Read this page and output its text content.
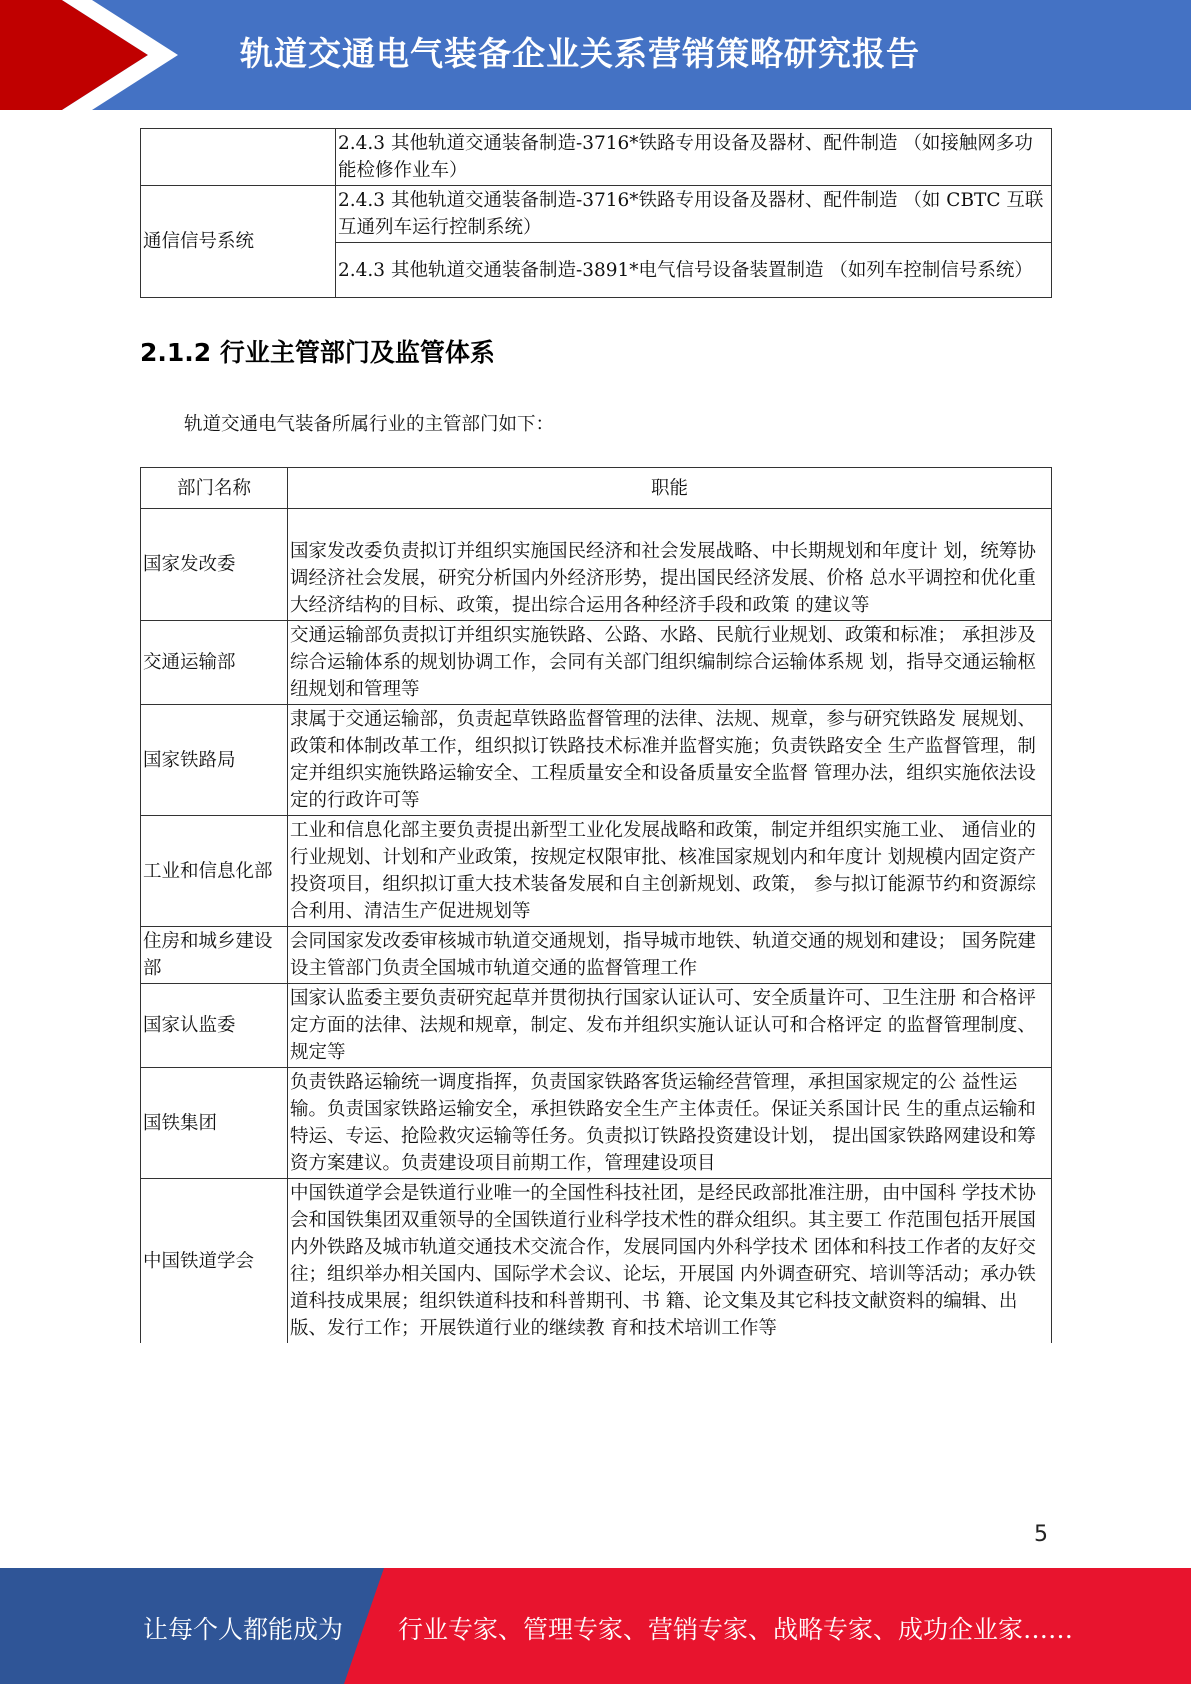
轨道交通电气装备企业关系营销策略研究报告
	2.4.3 其他轨道交通装备制造-3716*铁路专用设备及器材、配件制造 （如接触网多功能检修作业车）
通信信号系统	2.4.3 其他轨道交通装备制造-3716*铁路专用设备及器材、配件制造 （如 CBTC 互联互通列车运行控制系统）
	2.4.3 其他轨道交通装备制造-3891*电气信号设备装置制造 （如列车控制信号系统）
2.1.2 行业主管部门及监管体系
轨道交通电气装备所属行业的主管部门如下：
部门名称	职能
国家发改委	国家发改委负责拟订并组织实施国民经济和社会发展战略、中长期规划和年度计 划，统筹协调经济社会发展，研究分析国内外经济形势，提出国民经济发展、价格 总水平调控和优化重大经济结构的目标、政策，提出综合运用各种经济手段和政策 的建议等
交通运输部	交通运输部负责拟订并组织实施铁路、公路、水路、民航行业规划、政策和标准； 承担涉及综合运输体系的规划协调工作，会同有关部门组织编制综合运输体系规 划，指导交通运输枢纽规划和管理等
国家铁路局	隶属于交通运输部，负责起草铁路监督管理的法律、法规、规章，参与研究铁路发 展规划、政策和体制改革工作，组织拟订铁路技术标准并监督实施；负责铁路安全 生产监督管理，制定并组织实施铁路运输安全、工程质量安全和设备质量安全监督 管理办法，组织实施依法设定的行政许可等
工业和信息化部	工业和信息化部主要负责提出新型工业化发展战略和政策，制定并组织实施工业、 通信业的行业规划、计划和产业政策，按规定权限审批、核准国家规划内和年度计 划规模内固定资产投资项目，组织拟订重大技术装备发展和自主创新规划、政策， 参与拟订能源节约和资源综合利用、清洁生产促进规划等
住房和城乡建设部	会同国家发改委审核城市轨道交通规划，指导城市地铁、轨道交通的规划和建设； 国务院建设主管部门负责全国城市轨道交通的监督管理工作
国家认监委	国家认监委主要负责研究起草并贯彻执行国家认证认可、安全质量许可、卫生注册 和合格评定方面的法律、法规和规章，制定、发布并组织实施认证认可和合格评定 的监督管理制度、规定等
国铁集团	负责铁路运输统一调度指挥，负责国家铁路客货运输经营管理，承担国家规定的公 益性运输。负责国家铁路运输安全，承担铁路安全生产主体责任。保证关系国计民 生的重点运输和特运、专运、抢险救灾运输等任务。负责拟订铁路投资建设计划， 提出国家铁路网建设和筹资方案建议。负责建设项目前期工作，管理建设项目
中国铁道学会	中国铁道学会是铁道行业唯一的全国性科技社团，是经民政部批准注册，由中国科 学技术协会和国铁集团双重领导的全国铁道行业科学技术性的群众组织。其主要工 作范围包括开展国内外铁路及城市轨道交通技术交流合作，发展同国内外科学技术 团体和科技工作者的友好交往；组织举办相关国内、国际学术会议、论坛，开展国 内外调查研究、培训等活动；承办铁道科技成果展；组织铁道科技和科普期刊、书 籍、论文集及其它科技文献资料的编辑、出版、发行工作；开展铁道行业的继续教 育和技术培训工作等
5
让每个人都能成为 行业专家、管理专家、营销专家、战略专家、成功企业家……
